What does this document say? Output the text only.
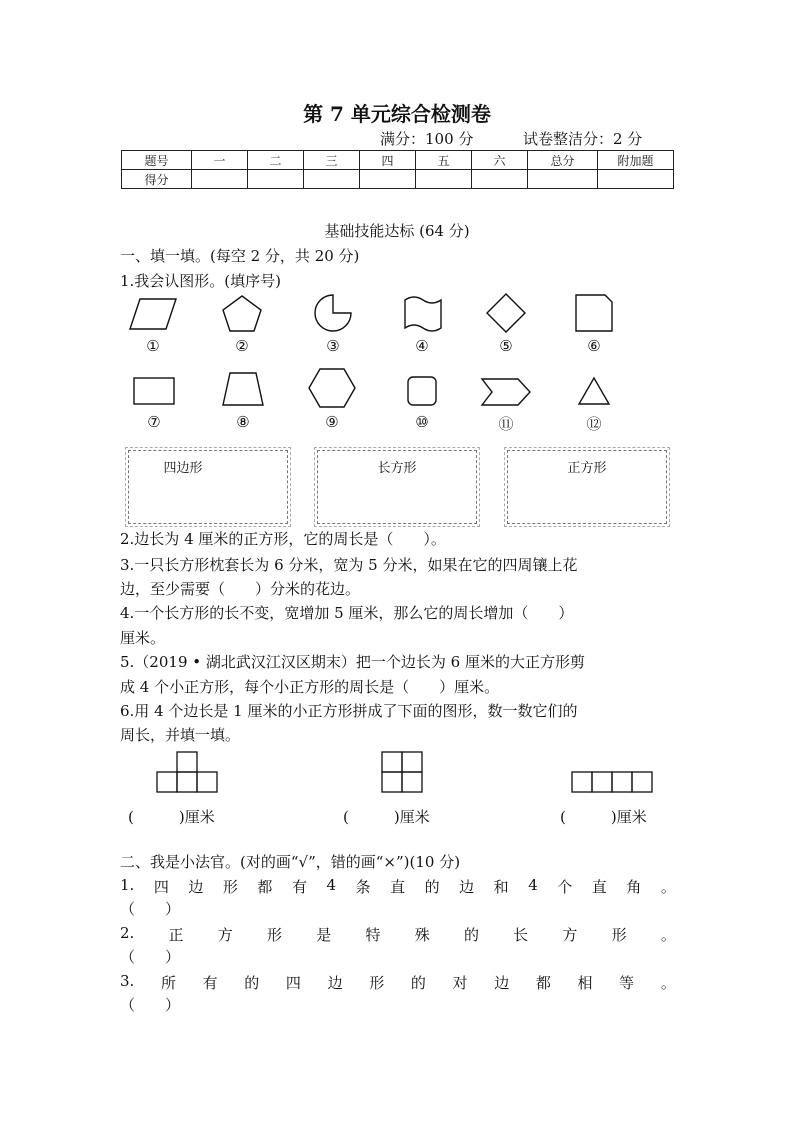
第 7 单元综合检测卷
满分：100 分	试卷整洁分：2 分
题号	一	二	三	四	五	六	总分	附加题
得分								
基础技能达标 (64 分)
一、填一填。(每空 2 分，共 20 分)
1.我会认图形。(填序号)
①	②	③	④	⑤	⑥
⑦	⑧	⑨	⑩	⑪	⑫
四边形	长方形	正方形
2.边长为 4 厘米的正方形，它的周长是（　　）。
3.一只长方形枕套长为 6 分米，宽为 5 分米，如果在它的四周镶上花
边，至少需要（　　）分米的花边。
4.一个长方形的长不变，宽增加 5 厘米，那么它的周长增加（　　）
厘米。
5.（2019 • 湖北武汉江汉区期末）把一个边长为 6 厘米的大正方形剪
成 4 个小正方形，每个小正方形的周长是（　　）厘米。
6.用 4 个边长是 1 厘米的小正方形拼成了下面的图形，数一数它们的
周长，并填一填。
(　　　)厘米	(　　　)厘米	(　　　)厘米
二、我是小法官。(对的画“√”，错的画“×”)(10 分)
1. 四 边 形 都 有 4 条 直 的 边 和 4 个 直 角 。
（　　）
2. 正 方 形 是 特 殊 的 长 方 形 。
（　　）
3. 所 有 的 四 边 形 的 对 边 都 相 等 。
（　　）
